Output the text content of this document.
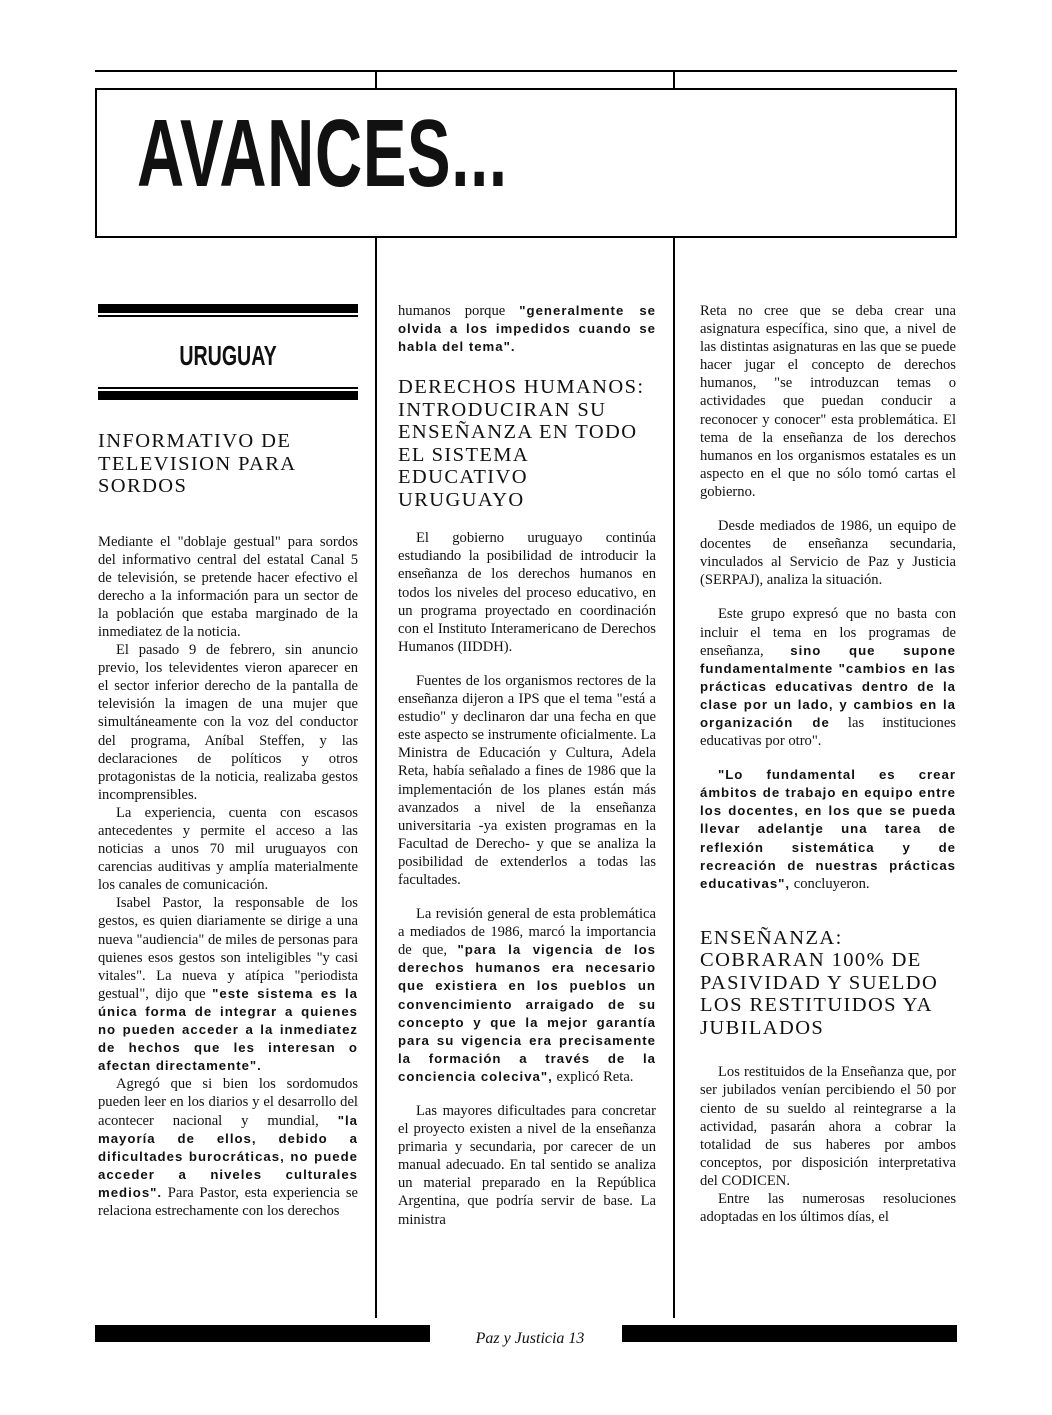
AVANCES...
URUGUAY
INFORMATIVO DE TELEVISION PARA SORDOS

Mediante el "doblaje gestual" para sordos del informativo central del estatal Canal 5 de televisión, se pretende hacer efectivo el derecho a la información para un sector de la población que estaba marginado de la inmediatez de la noticia.

El pasado 9 de febrero, sin anuncio previo, los televidentes vieron aparecer en el sector inferior derecho de la pantalla de televisión la imagen de una mujer que simultáneamente con la voz del conductor del programa, Aníbal Steffen, y las declaraciones de políticos y otros protagonistas de la noticia, realizaba gestos incomprensibles.

La experiencia, cuenta con escasos antecedentes y permite el acceso a las noticias a unos 70 mil uruguayos con carencias auditivas y amplía materialmente los canales de comunicación.

Isabel Pastor, la responsable de los gestos, es quien diariamente se dirige a una nueva "audiencia" de miles de personas para quienes esos gestos son inteligibles "y casi vitales". La nueva y atípica "periodista gestual", dijo que "este sistema es la única forma de integrar a quienes no pueden acceder a la inmediatez de hechos que les interesan o afectan directamente".

Agregó que si bien los sordomudos pueden leer en los diarios y el desarrollo del acontecer nacional y mundial, "la mayoría de ellos, debido a dificultades burocráticas, no puede acceder a niveles culturales medios". Para Pastor, esta experiencia se relaciona estrechamente con los derechos

humanos porque "generalmente se olvida a los impedidos cuando se habla del tema".

DERECHOS HUMANOS: INTRODUCIRAN SU ENSEÑANZA EN TODO EL SISTEMA EDUCATIVO URUGUAYO

El gobierno uruguayo continúa estudiando la posibilidad de introducir la enseñanza de los derechos humanos en todos los niveles del proceso educativo, en un programa proyectado en coordinación con el Instituto Interamericano de Derechos Humanos (IIDDH).

Fuentes de los organismos rectores de la enseñanza dijeron a IPS que el tema "está a estudio" y declinaron dar una fecha en que este aspecto se instrumente oficialmente. La Ministra de Educación y Cultura, Adela Reta, había señalado a fines de 1986 que la implementación de los planes están más avanzados a nivel de la enseñanza universitaria -ya existen programas en la Facultad de Derecho- y que se analiza la posibilidad de extenderlos a todas las facultades.

La revisión general de esta problemática a mediados de 1986, marcó la importancia de que, "para la vigencia de los derechos humanos era necesario que existiera en los pueblos un convencimiento arraigado de su concepto y que la mejor garantía para su vigencia era precisamente la formación a través de la conciencia coleciva", explicó Reta.

Las mayores dificultades para concretar el proyecto existen a nivel de la enseñanza primaria y secundaria, por carecer de un manual adecuado. En tal sentido se analiza un material preparado en la República Argentina, que podría servir de base. La ministra

Reta no cree que se deba crear una asignatura específica, sino que, a nivel de las distintas asignaturas en las que se puede hacer jugar el concepto de derechos humanos, "se introduzcan temas o actividades que puedan conducir a reconocer y conocer" esta problemática. El tema de la enseñanza de los derechos humanos en los organismos estatales es un aspecto en el que no sólo tomó cartas el gobierno.

Desde mediados de 1986, un equipo de docentes de enseñanza secundaria, vinculados al Servicio de Paz y Justicia (SERPAJ), analiza la situación.

Este grupo expresó que no basta con incluir el tema en los programas de enseñanza, sino que supone fundamentalmente "cambios en las prácticas educativas dentro de la clase por un lado, y cambios en la organización de las instituciones educativas por otro".

"Lo fundamental es crear ámbitos de trabajo en equipo entre los docentes, en los que se pueda llevar adelantje una tarea de reflexión sistemática y de recreación de nuestras prácticas educativas", concluyeron.

ENSEÑANZA: COBRARAN 100% DE PASIVIDAD Y SUELDO LOS RESTITUIDOS YA JUBILADOS

Los restituidos de la Enseñanza que, por ser jubilados venían percibiendo el 50 por ciento de su sueldo al reintegrarse a la actividad, pasarán ahora a cobrar la totalidad de sus haberes por ambos conceptos, por disposición interpretativa del CODICEN.

Entre las numerosas resoluciones adoptadas en los últimos días, el

Paz y Justicia 13
